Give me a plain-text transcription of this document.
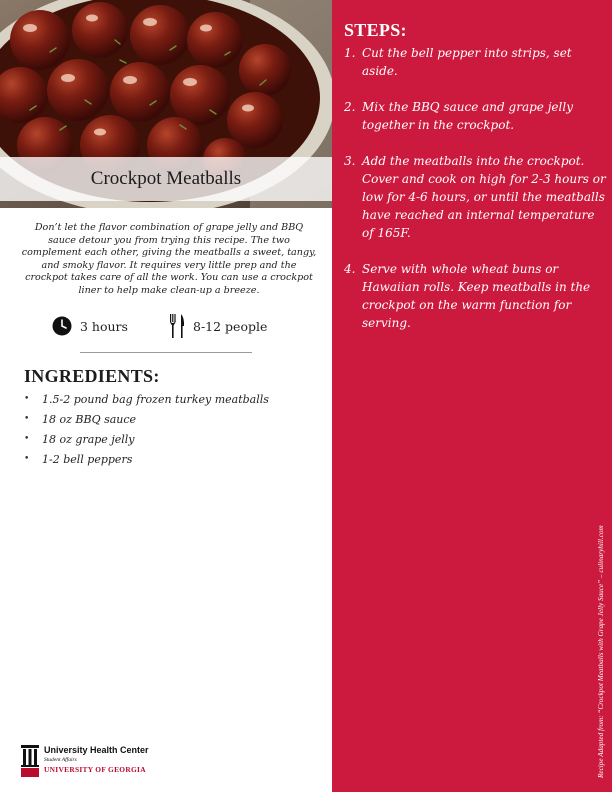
Crockpot Meatballs

Don’t let the flavor combination of grape jelly and BBQ sauce detour you from trying this recipe. The two complement each other, giving the meatballs a sweet, tangy, and smoky flavor. It requires very little prep and the crockpot takes care of all the work. You can use a crockpot liner to help make clean-up a breeze.

3 hours	8-12 people
INGREDIENTS:
• 1.5-2 pound bag frozen turkey meatballs
• 18 oz BBQ sauce
• 18 oz grape jelly
• 1-2 bell peppers
University Health Center
Student Affairs
UNIVERSITY OF GEORGIA
STEPS:
1. Cut the bell pepper into strips, set aside.
2. Mix the BBQ sauce and grape jelly together in the crockpot.
3. Add the meatballs into the crockpot. Cover and cook on high for 2-3 hours or low for 4-6 hours, or until the meatballs have reached an internal temperature of 165F.
4. Serve with whole wheat buns or Hawaiian rolls. Keep meatballs in the crockpot on the warm function for serving.
Recipe Adapted from: “Crockpot Meatballs with Grape Jelly Sauce” – culinaryhill.com
